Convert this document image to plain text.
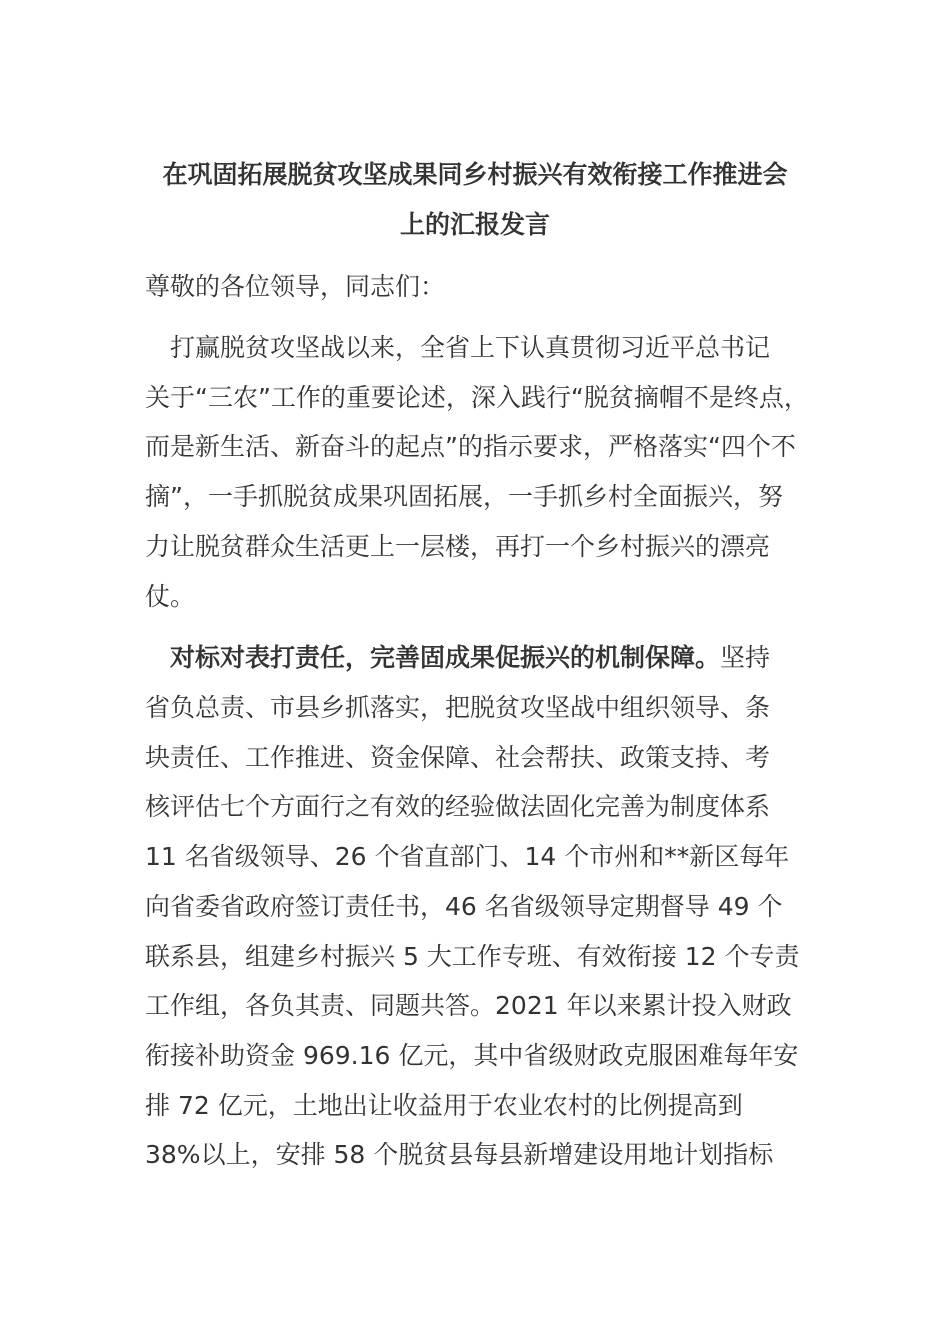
在巩固拓展脱贫攻坚成果同乡村振兴有效衔接工作推进会
上的汇报发言
尊敬的各位领导，同志们：
　打赢脱贫攻坚战以来，全省上下认真贯彻习近平总书记
关于“三农”工作的重要论述，深入践行“脱贫摘帽不是终点，
而是新生活、新奋斗的起点”的指示要求，严格落实“四个不
摘”，一手抓脱贫成果巩固拓展，一手抓乡村全面振兴，努
力让脱贫群众生活更上一层楼，再打一个乡村振兴的漂亮
仗。
　对标对表打责任，完善固成果促振兴的机制保障。坚持
省负总责、市县乡抓落实，把脱贫攻坚战中组织领导、条
块责任、工作推进、资金保障、社会帮扶、政策支持、考
核评估七个方面行之有效的经验做法固化完善为制度体系
11 名省级领导、26 个省直部门、14 个市州和**新区每年
向省委省政府签订责任书，46 名省级领导定期督导 49 个
联系县，组建乡村振兴 5 大工作专班、有效衔接 12 个专责
工作组，各负其责、同题共答。2021 年以来累计投入财政
衔接补助资金 969.16 亿元，其中省级财政克服困难每年安
排 72 亿元，土地出让收益用于农业农村的比例提高到
38%以上，安排 58 个脱贫县每县新增建设用地计划指标
